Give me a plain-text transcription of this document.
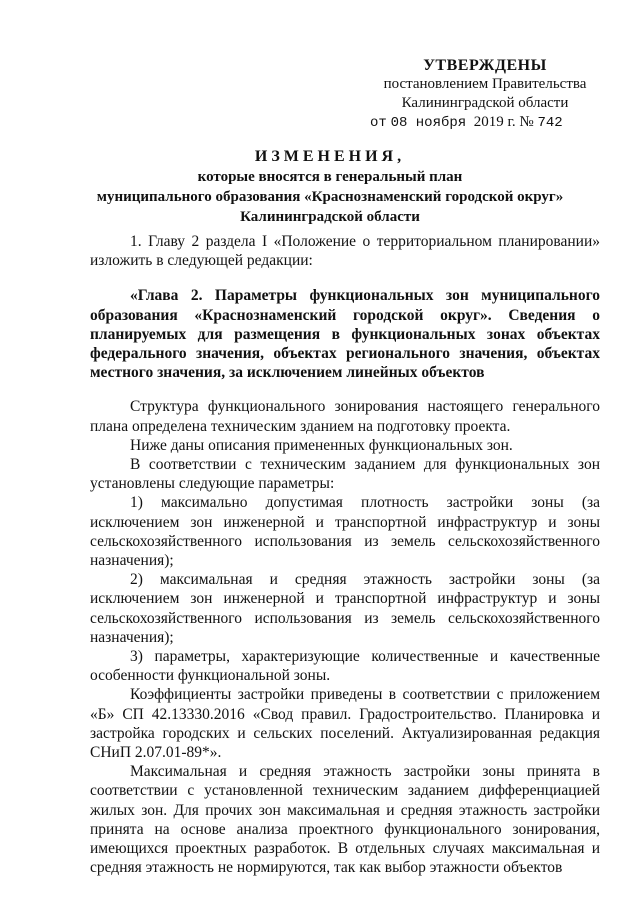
УТВЕРЖДЕНЫ
постановлением Правительства
Калининградской области
от 08 ноября 2019 г. № 742
ИЗМЕНЕНИЯ,
которые вносятся в генеральный план
муниципального образования «Краснознаменский городской округ»
Калининградской области

1. Главу 2 раздела I «Положение о территориальном планировании» изложить в следующей редакции:

«Глава 2. Параметры функциональных зон муниципального образования «Краснознаменский городской округ». Сведения о планируемых для размещения в функциональных зонах объектах федерального значения, объектах регионального значения, объектах местного значения, за исключением линейных объектов

Структура функционального зонирования настоящего генерального плана определена техническим зданием на подготовку проекта.

Ниже даны описания примененных функциональных зон.

В соответствии с техническим заданием для функциональных зон установлены следующие параметры:

1) максимально допустимая плотность застройки зоны (за исключением зон инженерной и транспортной инфраструктур и зоны сельскохозяйственного использования из земель сельскохозяйственного назначения);

2) максимальная и средняя этажность застройки зоны (за исключением зон инженерной и транспортной инфраструктур и зоны сельскохозяйственного использования из земель сельскохозяйственного назначения);

3) параметры, характеризующие количественные и качественные особенности функциональной зоны.

Коэффициенты застройки приведены в соответствии с приложением «Б» СП 42.13330.2016 «Свод правил. Градостроительство. Планировка и застройка городских и сельских поселений. Актуализированная редакция СНиП 2.07.01-89*».

Максимальная и средняя этажность застройки зоны принята в соответствии с установленной техническим заданием дифференциацией жилых зон. Для прочих зон максимальная и средняя этажность застройки принята на основе анализа проектного функционального зонирования, имеющихся проектных разработок. В отдельных случаях максимальная и средняя этажность не нормируются, так как выбор этажности объектов
